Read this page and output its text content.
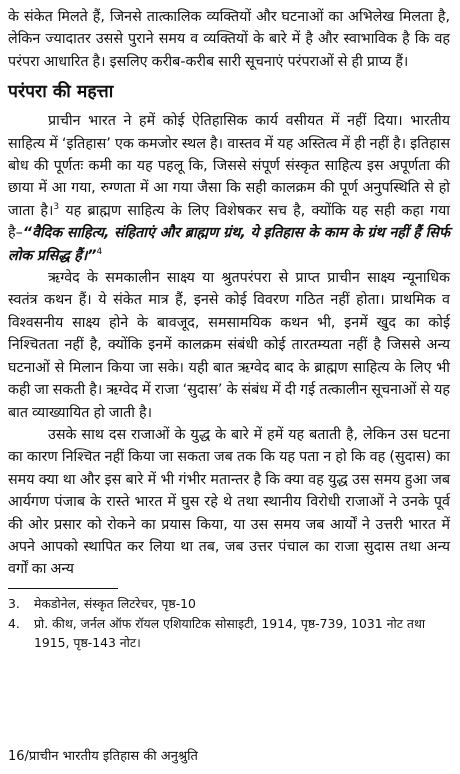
के संकेत मिलते हैं, जिनसे तात्कालिक व्यक्तियों और घटनाओं का अभिलेख मिलता है, लेकिन ज्यादातर उससे पुराने समय व व्यक्तियों के बारे में है और स्वाभाविक है कि वह परंपरा आधारित है। इसलिए करीब-करीब सारी सूचनाएं परंपराओं से ही प्राप्य हैं।

परंपरा की महत्ता

प्राचीन भारत ने हमें कोई ऐतिहासिक कार्य वसीयत में नहीं दिया। भारतीय साहित्य में ‘इतिहास’ एक कमजोर स्थल है। वास्तव में यह अस्तित्व में ही नहीं है। इतिहास बोध की पूर्णतः कमी का यह पहलू कि, जिससे संपूर्ण संस्कृत साहित्य इस अपूर्णता की छाया में आ गया, रुग्णता में आ गया जैसा कि सही कालक्रम की पूर्ण अनुपस्थिति से हो जाता है।$^3$ यह ब्राह्मण साहित्य के लिए विशेषकर सच है, क्योंकि यह सही कहा गया है–“वैदिक साहित्य, संहिताएं और ब्राह्मण ग्रंथ, ये इतिहास के काम के ग्रंथ नहीं हैं सिर्फ लोक प्रसिद्ध हैं।”$^4$

ऋग्वेद के समकालीन साक्ष्य या श्रुतपरंपरा से प्राप्त प्राचीन साक्ष्य न्यूनाधिक स्वतंत्र कथन हैं। ये संकेत मात्र हैं, इनसे कोई विवरण गठित नहीं होता। प्राथमिक व विश्वसनीय साक्ष्य होने के बावजूद, समसामयिक कथन भी, इनमें खुद का कोई निश्चितता नहीं है, क्योंकि इनमें कालक्रम संबंधी कोई तारतम्यता नहीं है जिससे अन्य घटनाओं से मिलान किया जा सके। यही बात ऋग्वेद बाद के ब्राह्मण साहित्य के लिए भी कही जा सकती है। ऋग्वेद में राजा ‘सुदास’ के संबंध में दी गई तत्कालीन सूचनाओं से यह बात व्याख्यायित हो जाती है।

उसके साथ दस राजाओं के युद्ध के बारे में हमें यह बताती है, लेकिन उस घटना का कारण निश्चित नहीं किया जा सकता जब तक कि यह पता न हो कि वह (सुदास) का समय क्या था और इस बारे में भी गंभीर मतान्तर है कि क्या वह युद्ध उस समय हुआ जब आर्यगण पंजाब के रास्ते भारत में घुस रहे थे तथा स्थानीय विरोधी राजाओं ने उनके पूर्व की ओर प्रसार को रोकने का प्रयास किया, या उस समय जब आर्यों ने उत्तरी भारत में अपने आपको स्थापित कर लिया था तब, जब उत्तर पंचाल का राजा सुदास तथा अन्य वर्गों का अन्य

3.	मेकडोनेल, संस्कृत लिटरेचर, पृष्ठ-10
4.	प्रो. कीथ, जर्नल ऑफ रॉयल एशियाटिक सोसाइटी, 1914, पृष्ठ-739, 1031 नोट तथा 1915, पृष्ठ-143 नोट।
16/प्राचीन भारतीय इतिहास की अनुश्रुति
